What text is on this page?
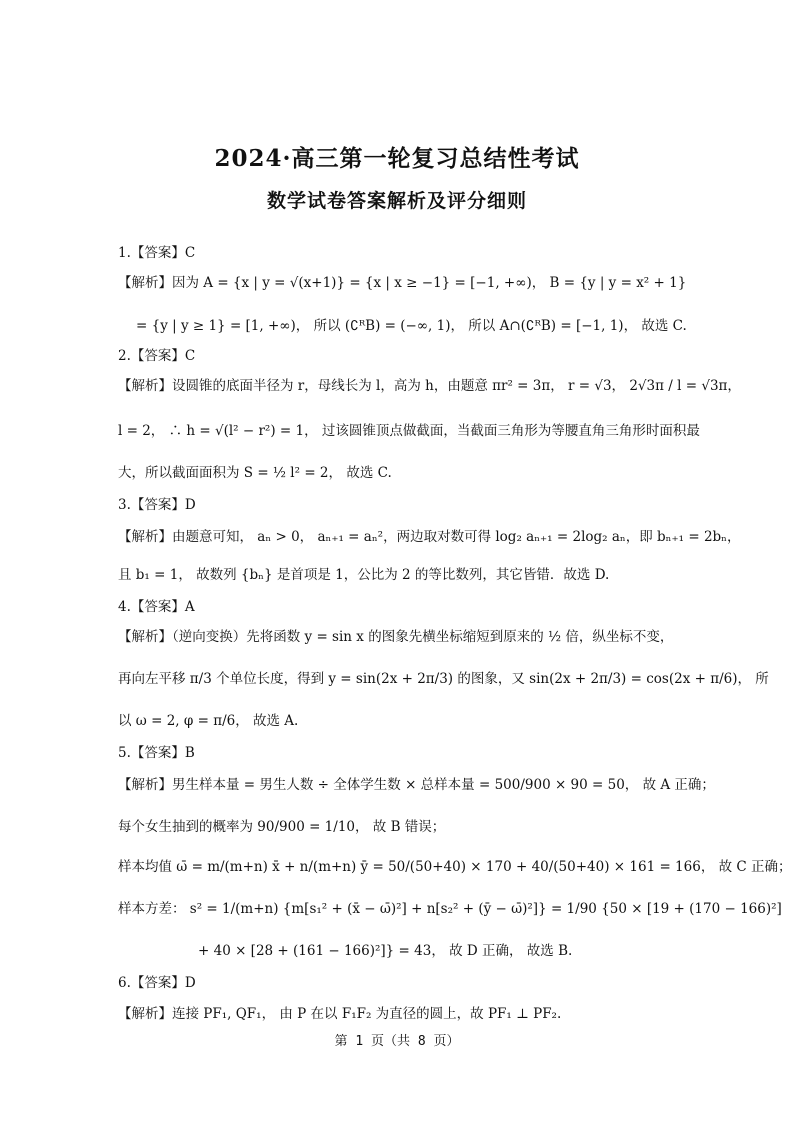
2024·高三第一轮复习总结性考试
数学试卷答案解析及评分细则
1.【答案】C
【解析】因为 A = {x | y = √(x+1)} = {x | x ≥ −1} = [−1, +∞)， B = {y | y = x² + 1}
= {y | y ≥ 1} = [1, +∞)， 所以 (∁ᴿB) = (−∞, 1)， 所以 A∩(∁ᴿB) = [−1, 1)， 故选 C.
2.【答案】C
【解析】设圆锥的底面半径为 r，母线长为 l，高为 h，由题意 πr² = 3π， r = √3， 2√3π / l = √3π，
l = 2， ∴ h = √(l² − r²) = 1， 过该圆锥顶点做截面，当截面三角形为等腰直角三角形时面积最
大，所以截面面积为 S = ½ l² = 2， 故选 C.
3.【答案】D
【解析】由题意可知， aₙ > 0， aₙ₊₁ = aₙ²，两边取对数可得 log₂ aₙ₊₁ = 2log₂ aₙ，即 bₙ₊₁ = 2bₙ，
且 b₁ = 1， 故数列 {bₙ} 是首项是 1，公比为 2 的等比数列，其它皆错．故选 D.
4.【答案】A
【解析】（逆向变换）先将函数 y = sin x 的图象先横坐标缩短到原来的 ½ 倍，纵坐标不变，
再向左平移 π/3 个单位长度，得到 y = sin(2x + 2π/3) 的图象，又 sin(2x + 2π/3) = cos(2x + π/6)， 所
以 ω = 2, φ = π/6， 故选 A.
5.【答案】B
【解析】男生样本量 = 男生人数 ÷ 全体学生数 × 总样本量 = 500/900 × 90 = 50， 故 A 正确；
每个女生抽到的概率为 90/900 = 1/10， 故 B 错误；
样本均值 ω̄ = m/(m+n) x̄ + n/(m+n) ȳ = 50/(50+40) × 170 + 40/(50+40) × 161 = 166， 故 C 正确；
样本方差： s² = 1/(m+n) {m[s₁² + (x̄ − ω̄)²] + n[s₂² + (ȳ − ω̄)²]} = 1/90 {50 × [19 + (170 − 166)²]
+ 40 × [28 + (161 − 166)²]} = 43， 故 D 正确， 故选 B.
6.【答案】D
【解析】连接 PF₁, QF₁， 由 P 在以 F₁F₂ 为直径的圆上，故 PF₁ ⊥ PF₂.
第 1 页（共 8 页）
